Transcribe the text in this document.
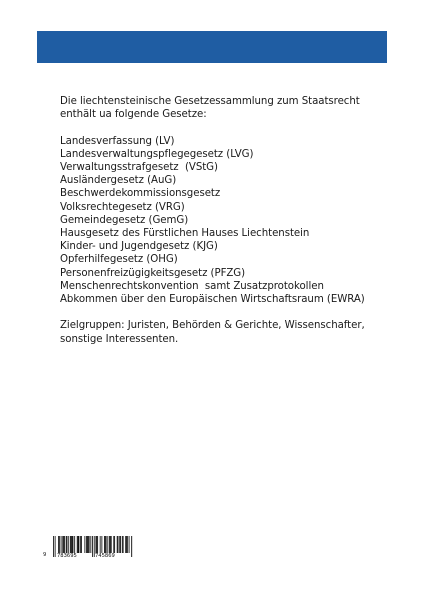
Die liechtensteinische Gesetzessammlung zum Staatsrecht
enthält ua folgende Gesetze:

Landesverfassung (LV)
Landesverwaltungspflegegesetz (LVG)
Verwaltungsstrafgesetz  (VStG)
Ausländergesetz (AuG)
Beschwerdekommissionsgesetz
Volksrechtegesetz (VRG)
Gemeindegesetz (GemG)
Hausgesetz des Fürstlichen Hauses Liechtenstein
Kinder- und Jugendgesetz (KJG)
Opferhilfegesetz (OHG)
Personenfreizügigkeitsgesetz (PFZG)
Menschenrechtskonvention  samt Zusatzprotokollen
Abkommen über den Europäischen Wirtschaftsraum (EWRA)

Zielgruppen: Juristen, Behörden & Gerichte, Wissenschafter,
sonstige Interessenten.

9 783695	745869
